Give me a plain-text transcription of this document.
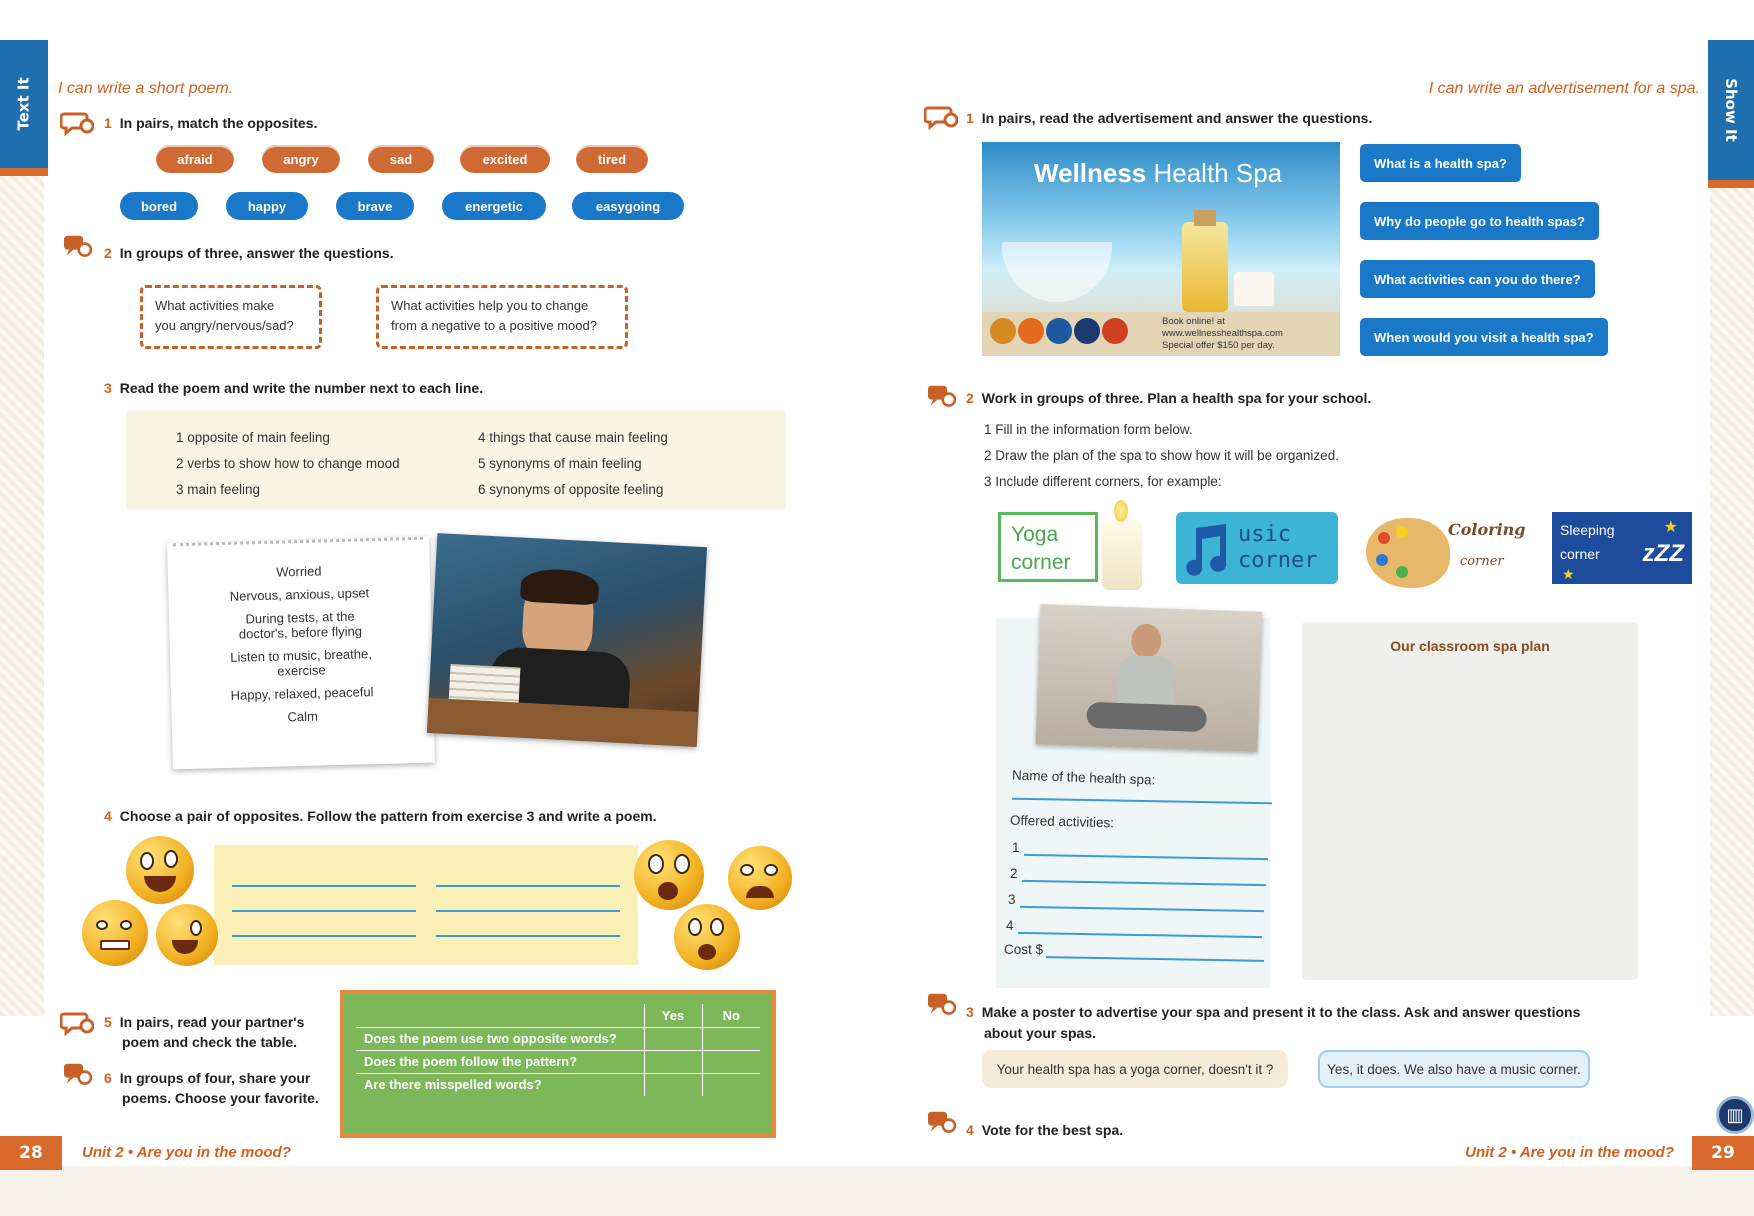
Text It I can write a short poem.
1 In pairs, match the opposites.
afraid	angry	sad	excited	tired
bored	happy	brave	energetic	easygoing
2 In groups of three, answer the questions.
What activities make
you angry/nervous/sad?
What activities help you to change
from a negative to a positive mood?
3 Read the poem and write the number next to each line.
1 opposite of main feeling
2 verbs to show how to change mood
3 main feeling
4 things that cause main feeling
5 synonyms of main feeling
6 synonyms of opposite feeling
Worried
Nervous, anxious, upset
During tests, at the
doctor's, before flying
Listen to music, breathe,
exercise
Happy, relaxed, peaceful
Calm
4 Choose a pair of opposites. Follow the pattern from exercise 3 and write a poem.
5 In pairs, read your partner's
poem and check the table.
6 In groups of four, share your
poems. Choose your favorite.
	Yes	No
Does the poem use two opposite words?		
Does the poem follow the pattern?		
Are there misspelled words?		
28	Unit 2 • Are you in the mood?
Show It
I can write an advertisement for a spa.
1 In pairs, read the advertisement and answer the questions.
Wellness Health Spa
Book online! at
www.wellnesshealthspa.com
Special offer $150 per day.
What is a health spa?
Why do people go to health spas?
What activities can you do there?
When would you visit a health spa?
2 Work in groups of three. Plan a health spa for your school.
1 Fill in the information form below.
2 Draw the plan of the spa to show how it will be organized.
3 Include different corners, for example:
Yoga
corner
usic
corner
Coloring
corner
Sleeping
corner	zZZ
★
★
Name of the health spa:
Offered activities:
1
2
3
4
Cost $
Our classroom spa plan
3 Make a poster to advertise your spa and present it to the class. Ask and answer questions
about your spas.
Your health spa has a yoga corner, doesn't it ?	Yes, it does. We also have a music corner.
4 Vote for the best spa.
Unit 2 • Are you in the mood?	29
▥
